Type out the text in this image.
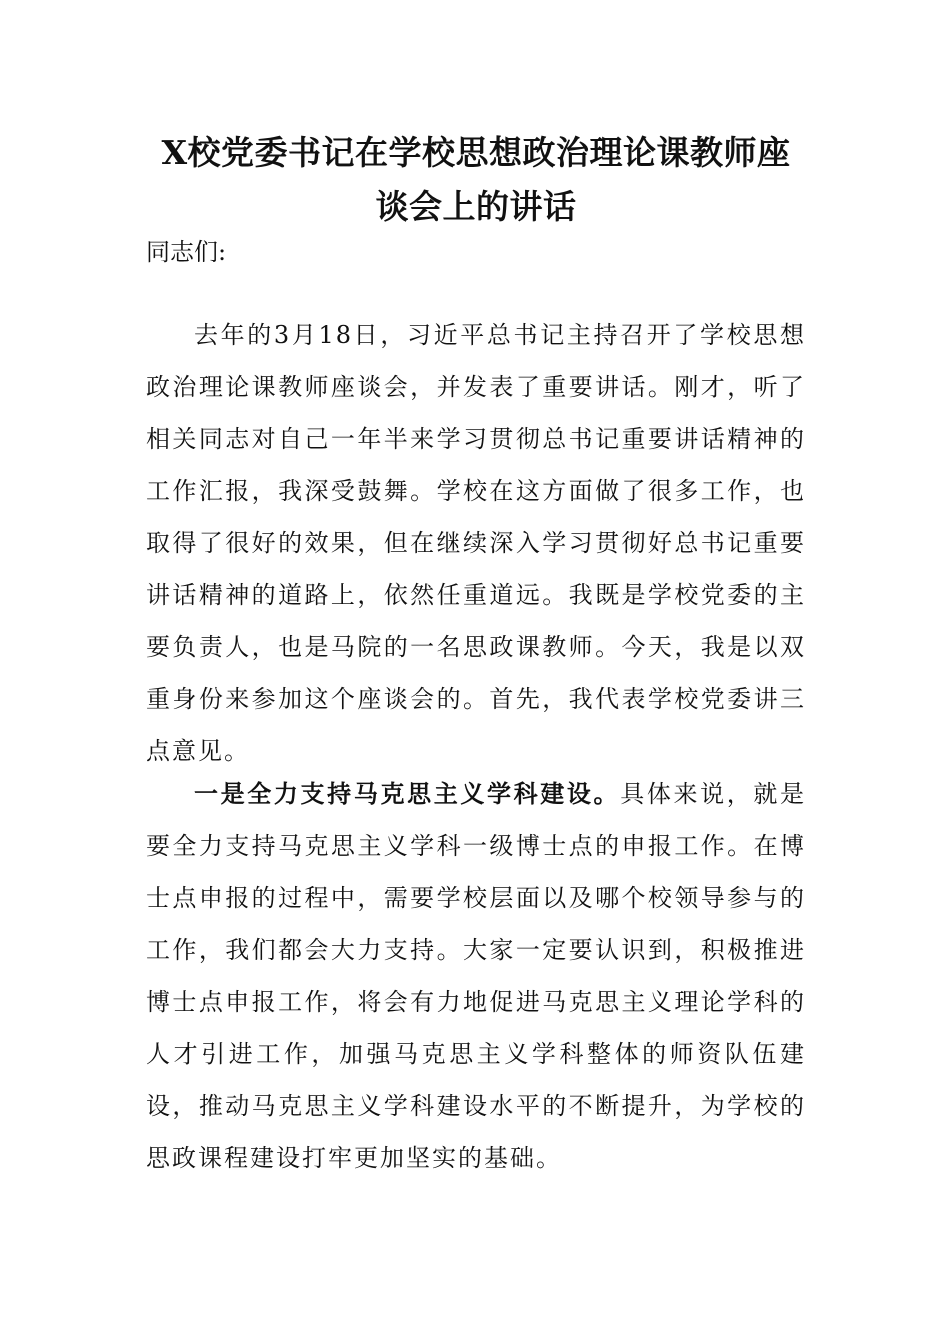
X校党委书记在学校思想政治理论课教师座谈会上的讲话

同志们:

去年的3月18日，习近平总书记主持召开了学校思想政治理论课教师座谈会，并发表了重要讲话。刚才，听了相关同志对自己一年半来学习贯彻总书记重要讲话精神的工作汇报，我深受鼓舞。学校在这方面做了很多工作，也取得了很好的效果，但在继续深入学习贯彻好总书记重要讲话精神的道路上，依然任重道远。我既是学校党委的主要负责人，也是马院的一名思政课教师。今天，我是以双重身份来参加这个座谈会的。首先，我代表学校党委讲三点意见。

一是全力支持马克思主义学科建设。具体来说，就是要全力支持马克思主义学科一级博士点的申报工作。在博士点申报的过程中，需要学校层面以及哪个校领导参与的工作，我们都会大力支持。大家一定要认识到，积极推进博士点申报工作，将会有力地促进马克思主义理论学科的人才引进工作，加强马克思主义学科整体的师资队伍建设，推动马克思主义学科建设水平的不断提升，为学校的思政课程建设打牢更加坚实的基础。
